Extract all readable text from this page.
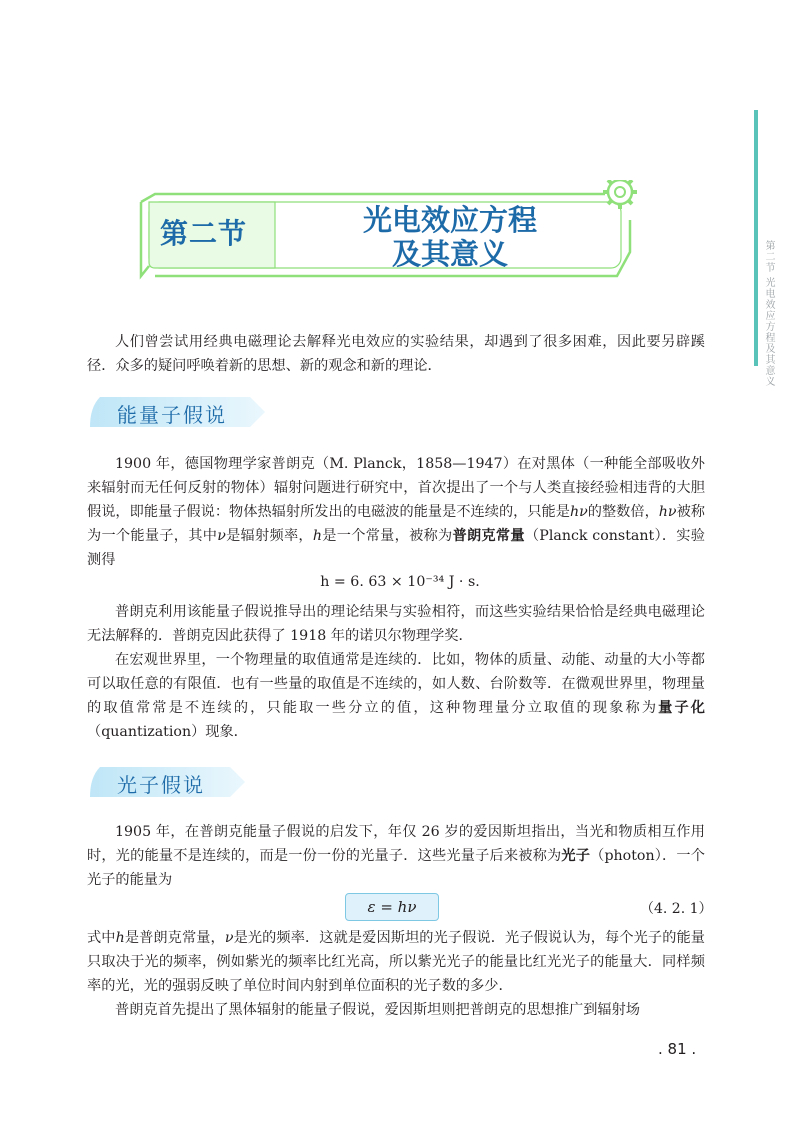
第二节 光电效应方程及其意义
第二节	光电效应方程
及其意义

人们曾尝试用经典电磁理论去解释光电效应的实验结果，却遇到了很多困难，因此要另辟蹊径．众多的疑问呼唤着新的思想、新的观念和新的理论．

能量子假说

1900 年，德国物理学家普朗克（M. Planck，1858—1947）在对黑体（一种能全部吸收外来辐射而无任何反射的物体）辐射问题进行研究中，首次提出了一个与人类直接经验相违背的大胆假说，即能量子假说：物体热辐射所发出的电磁波的能量是不连续的，只能是hν的整数倍，hν被称为一个能量子，其中ν是辐射频率，h是一个常量，被称为普朗克常量（Planck constant）．实验测得

h = 6. 63 × 10⁻³⁴ J · s.

普朗克利用该能量子假说推导出的理论结果与实验相符，而这些实验结果恰恰是经典电磁理论无法解释的．普朗克因此获得了 1918 年的诺贝尔物理学奖．

在宏观世界里，一个物理量的取值通常是连续的．比如，物体的质量、动能、动量的大小等都可以取任意的有限值．也有一些量的取值是不连续的，如人数、台阶数等．在微观世界里，物理量的取值常常是不连续的，只能取一些分立的值，这种物理量分立取值的现象称为量子化（quantization）现象．

光子假说

1905 年，在普朗克能量子假说的启发下，年仅 26 岁的爱因斯坦指出，当光和物质相互作用时，光的能量不是连续的，而是一份一份的光量子．这些光量子后来被称为光子（photon）．一个光子的能量为

ε = hν	（4. 2. 1）

式中h是普朗克常量，ν是光的频率．这就是爱因斯坦的光子假说．光子假说认为，每个光子的能量只取决于光的频率，例如紫光的频率比红光高，所以紫光光子的能量比红光光子的能量大．同样频率的光，光的强弱反映了单位时间内射到单位面积的光子数的多少．

普朗克首先提出了黑体辐射的能量子假说，爱因斯坦则把普朗克的思想推广到辐射场

. 81 .
